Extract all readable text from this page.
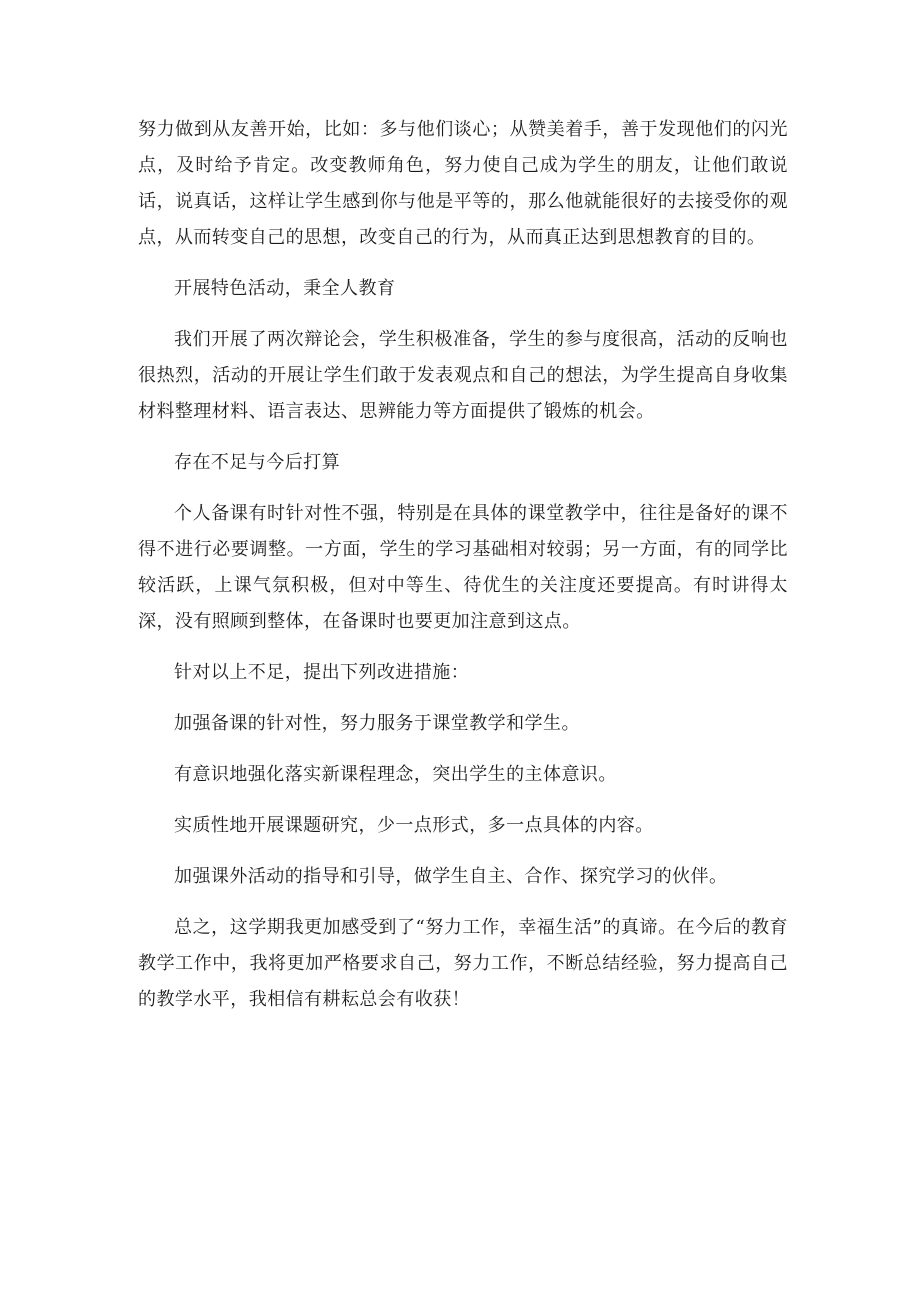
努力做到从友善开始，比如：多与他们谈心；从赞美着手，善于发现他们的闪光点，及时给予肯定。改变教师角色，努力使自己成为学生的朋友，让他们敢说话，说真话，这样让学生感到你与他是平等的，那么他就能很好的去接受你的观点，从而转变自己的思想，改变自己的行为，从而真正达到思想教育的目的。

开展特色活动，秉全人教育

我们开展了两次辩论会，学生积极准备，学生的参与度很高，活动的反响也很热烈，活动的开展让学生们敢于发表观点和自己的想法，为学生提高自身收集材料整理材料、语言表达、思辨能力等方面提供了锻炼的机会。

存在不足与今后打算

个人备课有时针对性不强，特别是在具体的课堂教学中，往往是备好的课不得不进行必要调整。一方面，学生的学习基础相对较弱；另一方面，有的同学比较活跃，上课气氛积极，但对中等生、待优生的关注度还要提高。有时讲得太深，没有照顾到整体，在备课时也要更加注意到这点。

针对以上不足，提出下列改进措施：

加强备课的针对性，努力服务于课堂教学和学生。

有意识地强化落实新课程理念，突出学生的主体意识。

实质性地开展课题研究，少一点形式，多一点具体的内容。

加强课外活动的指导和引导，做学生自主、合作、探究学习的伙伴。

总之，这学期我更加感受到了“努力工作，幸福生活”的真谛。在今后的教育教学工作中，我将更加严格要求自己，努力工作，不断总结经验，努力提高自己的教学水平，我相信有耕耘总会有收获！
